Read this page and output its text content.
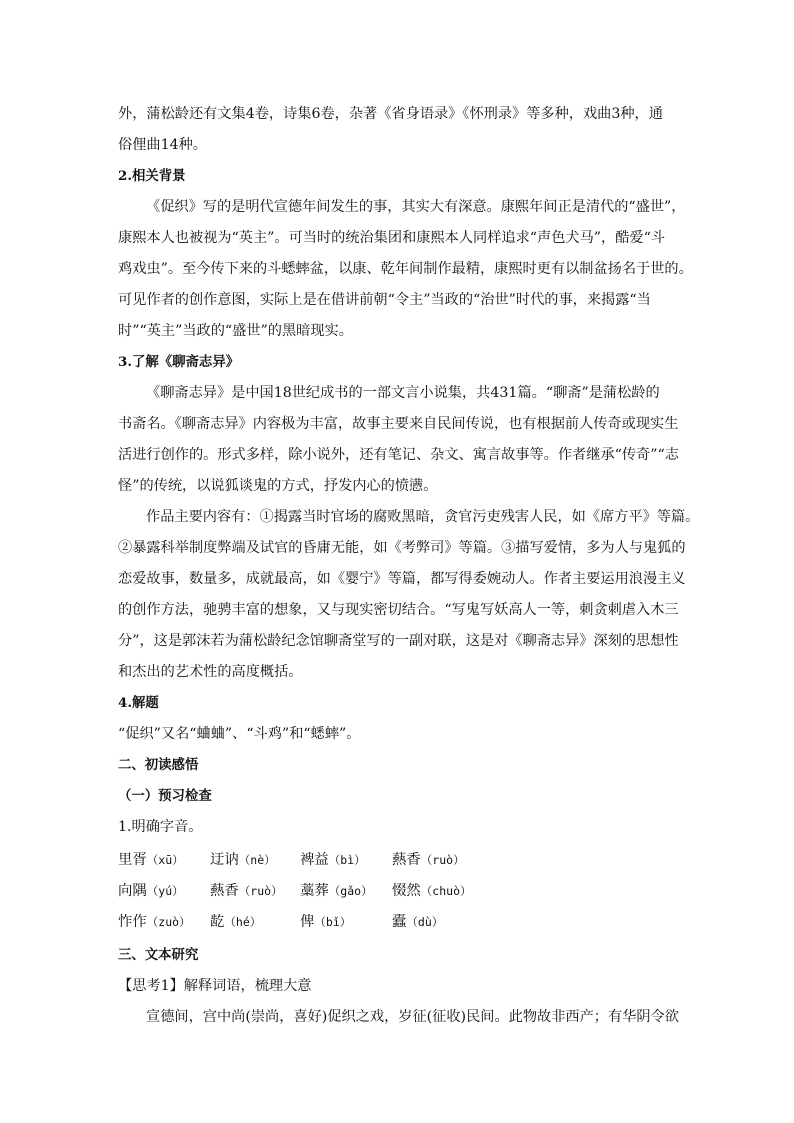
外，蒲松龄还有文集4卷，诗集6卷，杂著《省身语录》《怀刑录》等多种，戏曲3种，通
俗俚曲14种。
2.相关背景
《促织》写的是明代宣德年间发生的事，其实大有深意。康熙年间正是清代的“盛世”，
康熙本人也被视为“英主”。可当时的统治集团和康熙本人同样追求“声色犬马”，酷爱“斗
鸡戏虫”。至今传下来的斗蟋蟀盆，以康、乾年间制作最精，康熙时更有以制盆扬名于世的。
可见作者的创作意图，实际上是在借讲前朝“令主”当政的“治世”时代的事，来揭露“当
时”“英主”当政的“盛世”的黑暗现实。
3.了解《聊斋志异》
《聊斋志异》是中国18世纪成书的一部文言小说集，共431篇。“聊斋”是蒲松龄的
书斋名。《聊斋志异》内容极为丰富，故事主要来自民间传说，也有根据前人传奇或现实生
活进行创作的。形式多样，除小说外，还有笔记、杂文、寓言故事等。作者继承“传奇”“志
怪”的传统，以说狐谈鬼的方式，抒发内心的愤懑。
作品主要内容有：①揭露当时官场的腐败黑暗，贪官污吏残害人民，如《席方平》等篇。
②暴露科举制度弊端及试官的昏庸无能，如《考弊司》等篇。③描写爱情，多为人与鬼狐的
恋爱故事，数量多，成就最高，如《婴宁》等篇，都写得委婉动人。作者主要运用浪漫主义
的创作方法，驰骋丰富的想象，又与现实密切结合。“写鬼写妖高人一等，刺贪刺虐入木三
分”，这是郭沫若为蒲松龄纪念馆聊斋堂写的一副对联，这是对《聊斋志异》深刻的思想性
和杰出的艺术性的高度概括。
4.解题
“促织”又名“蛐蛐”、“斗鸡”和“蟋蟀”。
二、初读感悟
（一）预习检查
1.明确字音。
里胥（xū） 迂讷（nè） 裨益（bì） 爇香（ruò）
向隅（yú） 爇香（ruò） 藁葬（gǎo） 惙然（chuò）
怍作（zuò） 龁（hé）	俾（bǐ）	蠹（dù）
三、文本研究
【思考1】解释词语，梳理大意
宣德间，宫中尚(崇尚，喜好)促织之戏，岁征(征收)民间。此物故非西产；有华阴令欲
